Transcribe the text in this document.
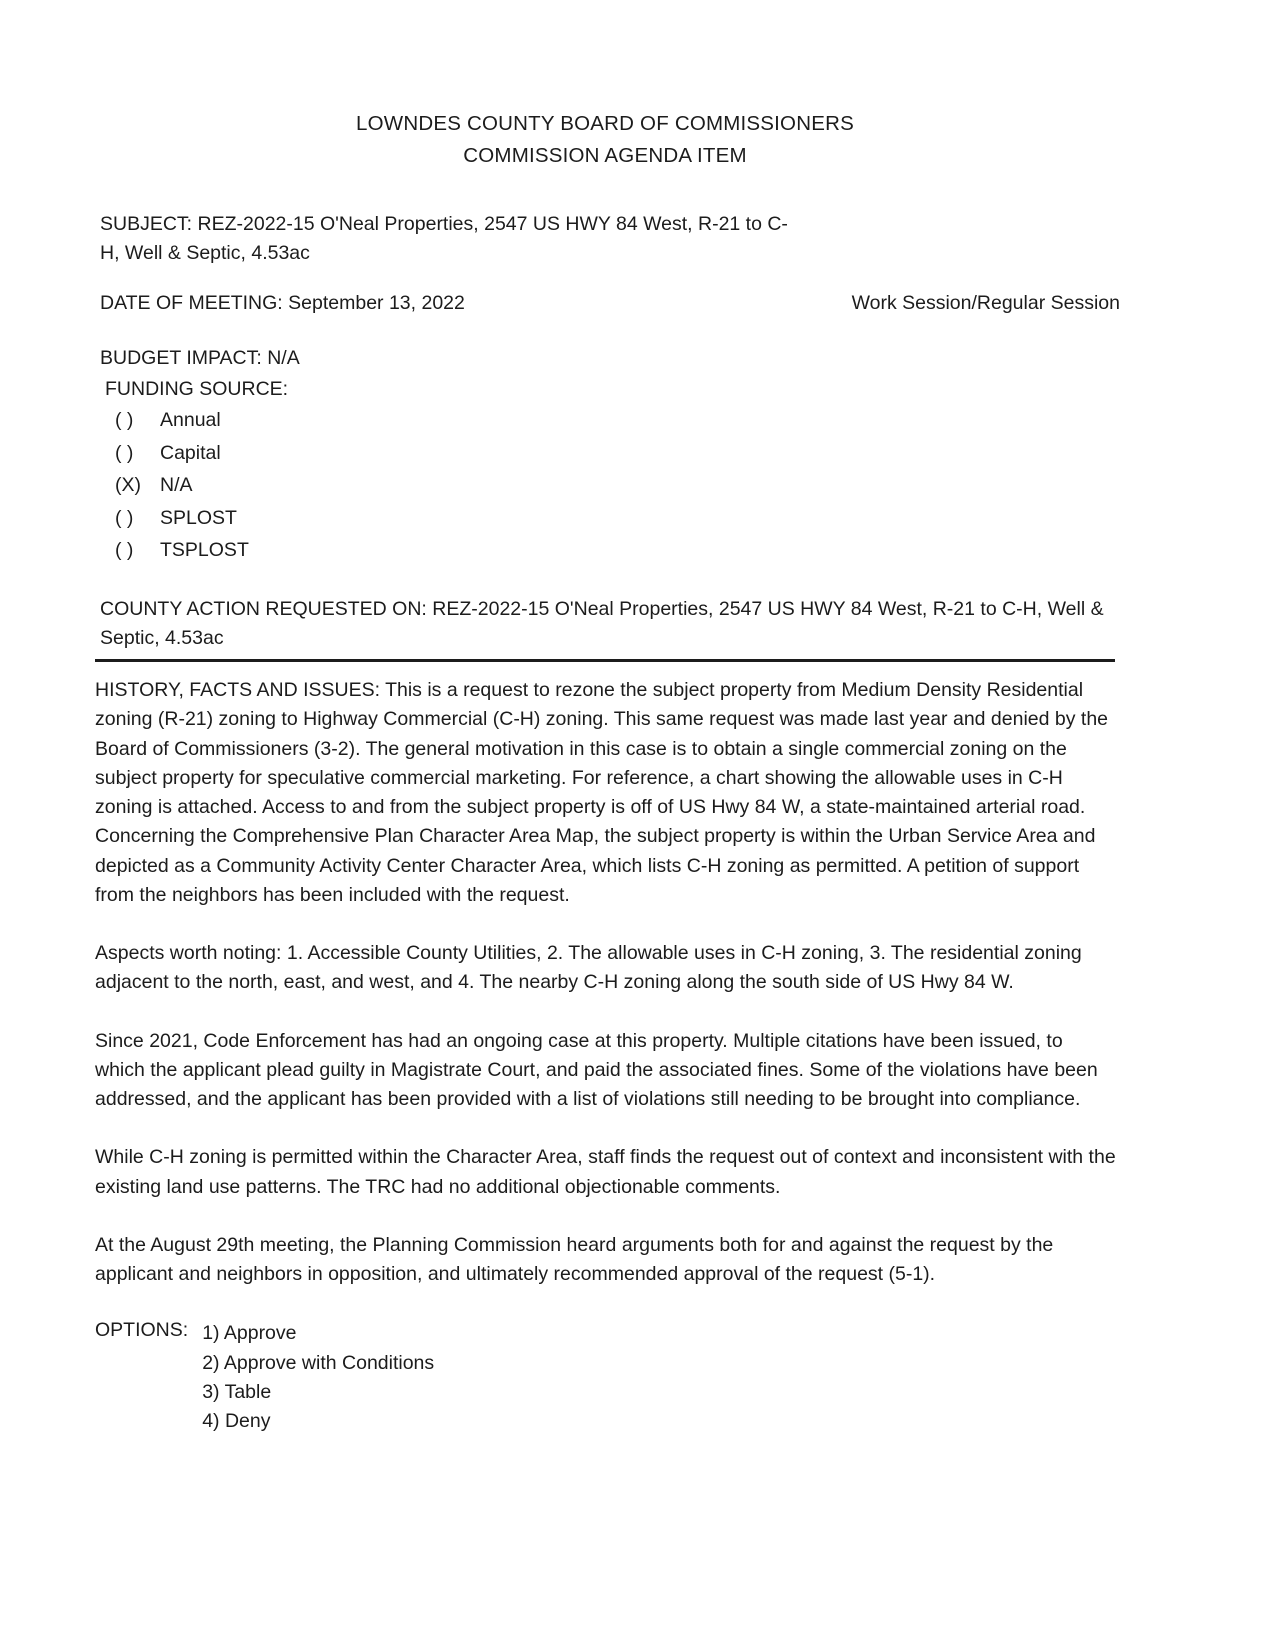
LOWNDES COUNTY BOARD OF COMMISSIONERS
COMMISSION AGENDA ITEM
SUBJECT: REZ-2022-15 O'Neal Properties, 2547 US HWY 84 West, R-21 to C-H, Well & Septic, 4.53ac
DATE OF MEETING: September 13, 2022	Work Session/Regular Session
BUDGET IMPACT: N/A
FUNDING SOURCE:
( )	Annual
( )	Capital
(X) N/A
( )	SPLOST
( )	TSPLOST
COUNTY ACTION REQUESTED ON: REZ-2022-15 O'Neal Properties, 2547 US HWY 84 West, R-21 to C-H, Well & Septic, 4.53ac

HISTORY, FACTS AND ISSUES: This is a request to rezone the subject property from Medium Density Residential zoning (R-21) zoning to Highway Commercial (C-H) zoning. This same request was made last year and denied by the Board of Commissioners (3-2). The general motivation in this case is to obtain a single commercial zoning on the subject property for speculative commercial marketing. For reference, a chart showing the allowable uses in C-H zoning is attached. Access to and from the subject property is off of US Hwy 84 W, a state-maintained arterial road. Concerning the Comprehensive Plan Character Area Map, the subject property is within the Urban Service Area and depicted as a Community Activity Center Character Area, which lists C-H zoning as permitted. A petition of support from the neighbors has been included with the request.

Aspects worth noting: 1. Accessible County Utilities, 2. The allowable uses in C-H zoning, 3. The residential zoning adjacent to the north, east, and west, and 4. The nearby C-H zoning along the south side of US Hwy 84 W.

Since 2021, Code Enforcement has had an ongoing case at this property. Multiple citations have been issued, to which the applicant plead guilty in Magistrate Court, and paid the associated fines. Some of the violations have been addressed, and the applicant has been provided with a list of violations still needing to be brought into compliance.

While C-H zoning is permitted within the Character Area, staff finds the request out of context and inconsistent with the existing land use patterns. The TRC had no additional objectionable comments.

At the August 29th meeting, the Planning Commission heard arguments both for and against the request by the applicant and neighbors in opposition, and ultimately recommended approval of the request (5-1).

OPTIONS: 1) Approve
2) Approve with Conditions
3) Table
4) Deny
